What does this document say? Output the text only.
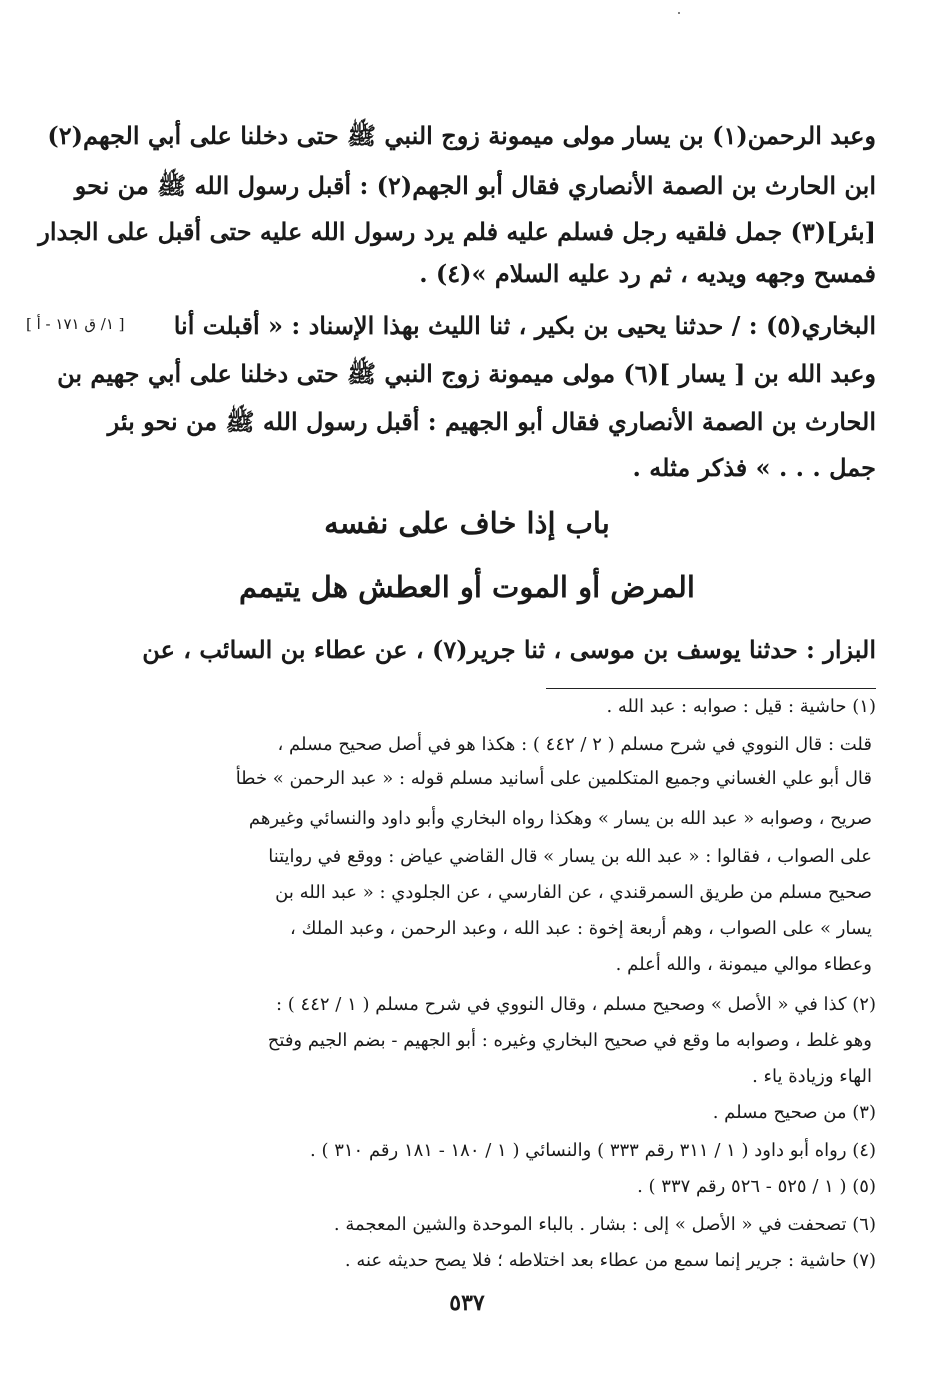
وعبد الرحمن(١) بن يسار مولى ميمونة زوج النبي ﷺ حتى دخلنا على أبي الجهم(٢)
ابن الحارث بن الصمة الأنصاري فقال أبو الجهم(٢) : أقبل رسول الله ﷺ من نحو
[بئر](٣) جمل فلقيه رجل فسلم عليه فلم يرد رسول الله عليه حتى أقبل على الجدار
فمسح وجهه ويديه ، ثم رد عليه السلام »(٤) .
[ ١/ ق ١٧١ - أ ]	البخاري(٥) : / حدثنا يحيى بن بكير ، ثنا الليث بهذا الإسناد : « أقبلت أنا
وعبد الله بن [ يسار ](٦) مولى ميمونة زوج النبي ﷺ حتى دخلنا على أبي جهيم بن
الحارث بن الصمة الأنصاري فقال أبو الجهيم : أقبل رسول الله ﷺ من نحو بئر
جمل . . . » فذكر مثله .
باب إذا خاف على نفسه
المرض أو الموت أو العطش هل يتيمم
البزار : حدثنا يوسف بن موسى ، ثنا جرير(٧) ، عن عطاء بن السائب ، عن
(١) حاشية : قيل : صوابه : عبد الله .
قلت : قال النووي في شرح مسلم ( ٢ / ٤٤٢ ) : هكذا هو في أصل صحيح مسلم ،
قال أبو علي الغساني وجميع المتكلمين على أسانيد مسلم قوله : « عبد الرحمن » خطأ
صريح ، وصوابه « عبد الله بن يسار » وهكذا رواه البخاري وأبو داود والنسائي وغيرهم
على الصواب ، فقالوا : « عبد الله بن يسار » قال القاضي عياض : ووقع في روايتنا
صحيح مسلم من طريق السمرقندي ، عن الفارسي ، عن الجلودي : « عبد الله بن
يسار » على الصواب ، وهم أربعة إخوة : عبد الله ، وعبد الرحمن ، وعبد الملك ،
وعطاء موالي ميمونة ، والله أعلم .
(٢) كذا في « الأصل » وصحيح مسلم ، وقال النووي في شرح مسلم ( ١ / ٤٤٢ ) :
وهو غلط ، وصوابه ما وقع في صحيح البخاري وغيره : أبو الجهيم - بضم الجيم وفتح
الهاء وزيادة ياء .
(٣) من صحيح مسلم .
(٤) رواه أبو داود ( ١ / ٣١١ رقم ٣٣٣ ) والنسائي ( ١ / ١٨٠ - ١٨١ رقم ٣١٠ ) .
(٥) ( ١ / ٥٢٥ - ٥٢٦ رقم ٣٣٧ ) .
(٦) تصحفت في « الأصل » إلى : بشار . بالباء الموحدة والشين المعجمة .
(٧) حاشية : جرير إنما سمع من عطاء بعد اختلاطه ؛ فلا يصح حديثه عنه .
٥٣٧
